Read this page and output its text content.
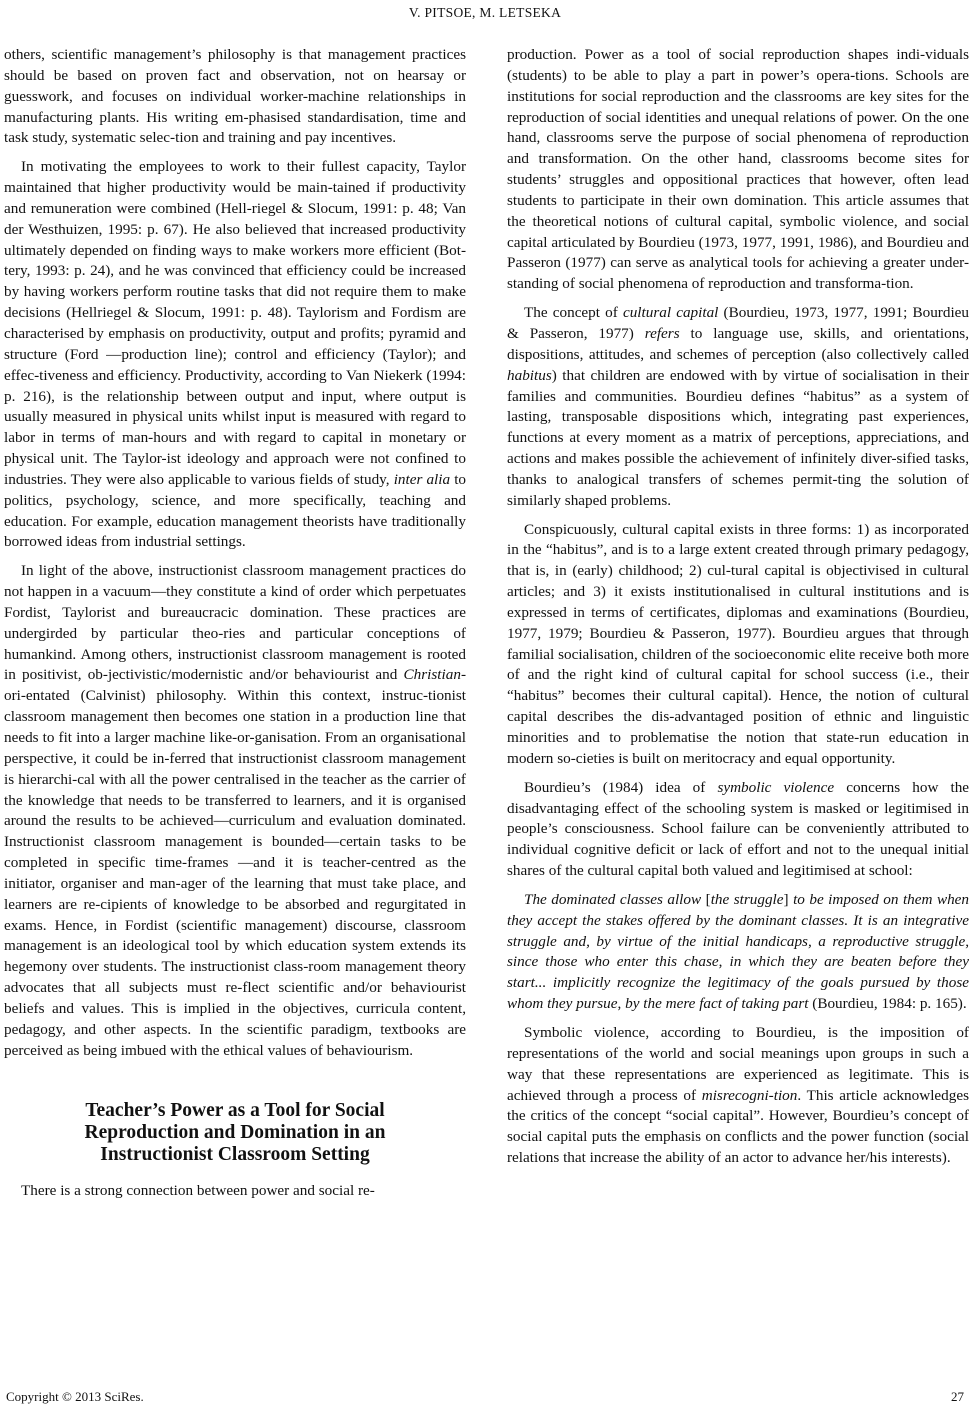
V. PITSOE, M. LETSEKA

others, scientific management’s philosophy is that management practices should be based on proven fact and observation, not on hearsay or guesswork, and focuses on individual worker-machine relationships in manufacturing plants. His writing em-phasised standardisation, time and task study, systematic selec-tion and training and pay incentives.

In motivating the employees to work to their fullest capacity, Taylor maintained that higher productivity would be main-tained if productivity and remuneration were combined (Hell-riegel & Slocum, 1991: p. 48; Van der Westhuizen, 1995: p. 67). He also believed that increased productivity ultimately depended on finding ways to make workers more efficient (Bot-tery, 1993: p. 24), and he was convinced that efficiency could be increased by having workers perform routine tasks that did not require them to make decisions (Hellriegel & Slocum, 1991: p. 48). Taylorism and Fordism are characterised by emphasis on productivity, output and profits; pyramid and structure (Ford —production line); control and efficiency (Taylor); and effec-tiveness and efficiency. Productivity, according to Van Niekerk (1994: p. 216), is the relationship between output and input, where output is usually measured in physical units whilst input is measured with regard to labor in terms of man-hours and with regard to capital in monetary or physical unit. The Taylor-ist ideology and approach were not confined to industries. They were also applicable to various fields of study, inter alia to politics, psychology, science, and more specifically, teaching and education. For example, education management theorists have traditionally borrowed ideas from industrial settings.

In light of the above, instructionist classroom management practices do not happen in a vacuum—they constitute a kind of order which perpetuates Fordist, Taylorist and bureaucracic domination. These practices are undergirded by particular theo-ries and particular conceptions of humankind. Among others, instructionist classroom management is rooted in positivist, ob-jectivistic/modernistic and/or behaviourist and Christian-ori-entated (Calvinist) philosophy. Within this context, instruc-tionist classroom management then becomes one station in a production line that needs to fit into a larger machine like-or-ganisation. From an organisational perspective, it could be in-ferred that instructionist classroom management is hierarchi-cal with all the power centralised in the teacher as the carrier of the knowledge that needs to be transferred to learners, and it is organised around the results to be achieved—curriculum and evaluation dominated. Instructionist classroom management is bounded—certain tasks to be completed in specific time-frames —and it is teacher-centred as the initiator, organiser and man-ager of the learning that must take place, and learners are re-cipients of knowledge to be absorbed and regurgitated in exams. Hence, in Fordist (scientific management) discourse, classroom management is an ideological tool by which education system extends its hegemony over students. The instructionist class-room management theory advocates that all subjects must re-flect scientific and/or behaviourist beliefs and values. This is implied in the objectives, curricula content, pedagogy, and other aspects. In the scientific paradigm, textbooks are perceived as being imbued with the ethical values of behaviourism.

Teacher’s Power as a Tool for Social
Reproduction and Domination in an
Instructionist Classroom Setting

There is a strong connection between power and social re-

production. Power as a tool of social reproduction shapes indi-viduals (students) to be able to play a part in power’s opera-tions. Schools are institutions for social reproduction and the classrooms are key sites for the reproduction of social identities and unequal relations of power. On the one hand, classrooms serve the purpose of social phenomena of reproduction and transformation. On the other hand, classrooms become sites for students’ struggles and oppositional practices that however, often lead students to participate in their own domination. This article assumes that the theoretical notions of cultural capital, symbolic violence, and social capital articulated by Bourdieu (1973, 1977, 1991, 1986), and Bourdieu and Passeron (1977) can serve as analytical tools for achieving a greater under-standing of social phenomena of reproduction and transforma-tion.

The concept of cultural capital (Bourdieu, 1973, 1977, 1991; Bourdieu & Passeron, 1977) refers to language use, skills, and orientations, dispositions, attitudes, and schemes of perception (also collectively called habitus) that children are endowed with by virtue of socialisation in their families and communities. Bourdieu defines “habitus” as a system of lasting, transposable dispositions which, integrating past experiences, functions at every moment as a matrix of perceptions, appreciations, and actions and makes possible the achievement of infinitely diver-sified tasks, thanks to analogical transfers of schemes permit-ting the solution of similarly shaped problems.

Conspicuously, cultural capital exists in three forms: 1) as incorporated in the “habitus”, and is to a large extent created through primary pedagogy, that is, in (early) childhood; 2) cul-tural capital is objectivised in cultural articles; and 3) it exists institutionalised in cultural institutions and is expressed in terms of certificates, diplomas and examinations (Bourdieu, 1977, 1979; Bourdieu & Passeron, 1977). Bourdieu argues that through familial socialisation, children of the socioeconomic elite receive both more of and the right kind of cultural capital for school success (i.e., their “habitus” becomes their cultural capital). Hence, the notion of cultural capital describes the dis-advantaged position of ethnic and linguistic minorities and to problematise the notion that state-run education in modern so-cieties is built on meritocracy and equal opportunity.

Bourdieu’s (1984) idea of symbolic violence concerns how the disadvantaging effect of the schooling system is masked or legitimised in people’s consciousness. School failure can be conveniently attributed to individual cognitive deficit or lack of effort and not to the unequal initial shares of the cultural capital both valued and legitimised at school:

The dominated classes allow [the struggle] to be imposed on them when they accept the stakes offered by the dominant classes. It is an integrative struggle and, by virtue of the initial handicaps, a reproductive struggle, since those who enter this chase, in which they are beaten before they start... implicitly recognize the legitimacy of the goals pursued by those whom they pursue, by the mere fact of taking part (Bourdieu, 1984: p. 165).

Symbolic violence, according to Bourdieu, is the imposition of representations of the world and social meanings upon groups in such a way that these representations are experienced as legitimate. This is achieved through a process of misrecogni-tion. This article acknowledges the critics of the concept “social capital”. However, Bourdieu’s concept of social capital puts the emphasis on conflicts and the power function (social relations that increase the ability of an actor to advance her/his interests).

Copyright © 2013 SciRes.	27
